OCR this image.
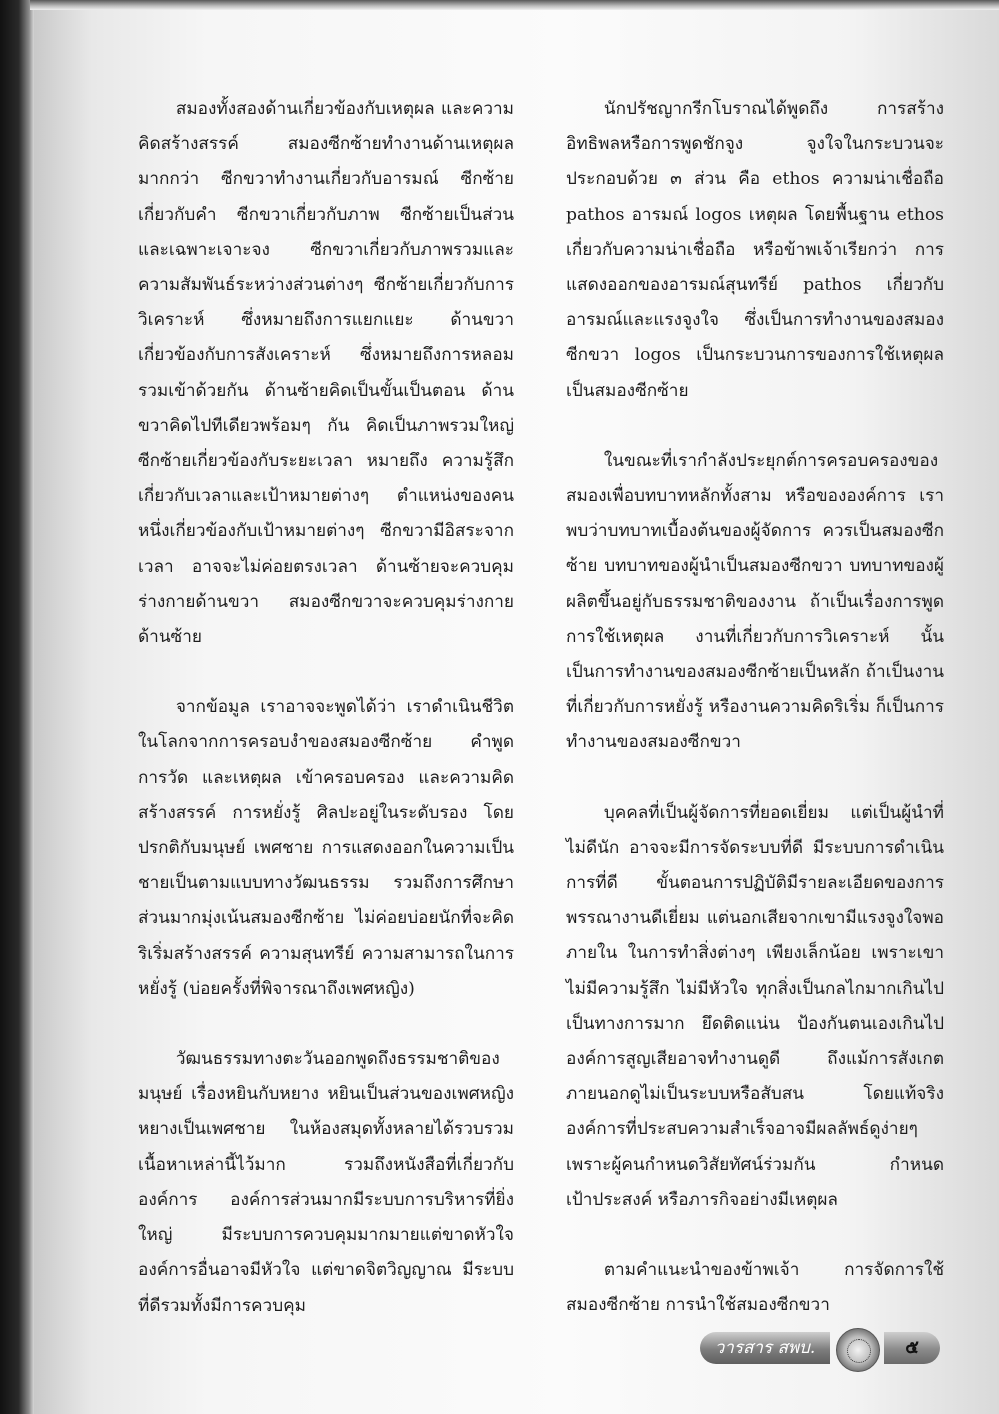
สมองทั้งสองด้านเกี่ยวข้องกับเหตุผล และความคิดสร้างสรรค์ สมองซีกซ้ายทำงานด้านเหตุผลมากกว่า ซีกขวาทำงานเกี่ยวกับอารมณ์ ซีกซ้ายเกี่ยวกับคำ ซีกขวาเกี่ยวกับภาพ ซีกซ้ายเป็นส่วนและเฉพาะเจาะจง ซีกขวาเกี่ยวกับภาพรวมและความสัมพันธ์ระหว่างส่วนต่างๆ ซีกซ้ายเกี่ยวกับการวิเคราะห์ ซึ่งหมายถึงการแยกแยะ ด้านขวาเกี่ยวข้องกับการสังเคราะห์ ซึ่งหมายถึงการหลอมรวมเข้าด้วยกัน ด้านซ้ายคิดเป็นขั้นเป็นตอน ด้านขวาคิดไปทีเดียวพร้อมๆ กัน คิดเป็นภาพรวมใหญ่ ซีกซ้ายเกี่ยวข้องกับระยะเวลา หมายถึง ความรู้สึกเกี่ยวกับเวลาและเป้าหมายต่างๆ ตำแหน่งของคนหนึ่งเกี่ยวข้องกับเป้าหมายต่างๆ ซีกขวามีอิสระจากเวลา อาจจะไม่ค่อยตรงเวลา ด้านซ้ายจะควบคุมร่างกายด้านขวา สมองซีกขวาจะควบคุมร่างกายด้านซ้าย

จากข้อมูล เราอาจจะพูดได้ว่า เราดำเนินชีวิตในโลกจากการครอบงำของสมองซีกซ้าย คำพูด การวัด และเหตุผล เข้าครอบครอง และความคิดสร้างสรรค์ การหยั่งรู้ ศิลปะอยู่ในระดับรอง โดยปรกติกับมนุษย์ เพศชาย การแสดงออกในความเป็นชายเป็นตามแบบทางวัฒนธรรม รวมถึงการศึกษาส่วนมากมุ่งเน้นสมองซีกซ้าย ไม่ค่อยบ่อยนักที่จะคิดริเริ่มสร้างสรรค์ ความสุนทรีย์ ความสามารถในการหยั่งรู้ (บ่อยครั้งที่พิจารณาถึงเพศหญิง)

วัฒนธรรมทางตะวันออกพูดถึงธรรมชาติของมนุษย์ เรื่องหยินกับหยาง หยินเป็นส่วนของเพศหญิง หยางเป็นเพศชาย ในห้องสมุดทั้งหลายได้รวบรวมเนื้อหาเหล่านี้ไว้มาก รวมถึงหนังสือที่เกี่ยวกับองค์การ องค์การส่วนมากมีระบบการบริหารที่ยิ่งใหญ่ มีระบบการควบคุมมากมายแต่ขาดหัวใจ องค์การอื่นอาจมีหัวใจ แต่ขาดจิตวิญญาณ มีระบบที่ดีรวมทั้งมีการควบคุม

นักปรัชญากรีกโบราณได้พูดถึง การสร้างอิทธิพลหรือการพูดชักจูง จูงใจในกระบวนจะประกอบด้วย ๓ ส่วน คือ ethos ความน่าเชื่อถือ pathos อารมณ์ logos เหตุผล โดยพื้นฐาน ethos เกี่ยวกับความน่าเชื่อถือ หรือข้าพเจ้าเรียกว่า การแสดงออกของอารมณ์สุนทรีย์ pathos เกี่ยวกับอารมณ์และแรงจูงใจ ซึ่งเป็นการทำงานของสมองซีกขวา logos เป็นกระบวนการของการใช้เหตุผล เป็นสมองซีกซ้าย

ในขณะที่เรากำลังประยุกต์การครอบครองของสมองเพื่อบทบาทหลักทั้งสาม หรือขององค์การ เราพบว่าบทบาทเบื้องต้นของผู้จัดการ ควรเป็นสมองซีกซ้าย บทบาทของผู้นำเป็นสมองซีกขวา บทบาทของผู้ผลิตขึ้นอยู่กับธรรมชาติของงาน ถ้าเป็นเรื่องการพูด การใช้เหตุผล งานที่เกี่ยวกับการวิเคราะห์ นั้นเป็นการทำงานของสมองซีกซ้ายเป็นหลัก ถ้าเป็นงานที่เกี่ยวกับการหยั่งรู้ หรืองานความคิดริเริ่ม ก็เป็นการทำงานของสมองซีกขวา

บุคคลที่เป็นผู้จัดการที่ยอดเยี่ยม แต่เป็นผู้นำที่ไม่ดีนัก อาจจะมีการจัดระบบที่ดี มีระบบการดำเนินการที่ดี ขั้นตอนการปฏิบัติมีรายละเอียดของการพรรณางานดีเยี่ยม แต่นอกเสียจากเขามีแรงจูงใจพอภายใน ในการทำสิ่งต่างๆ เพียงเล็กน้อย เพราะเขาไม่มีความรู้สึก ไม่มีหัวใจ ทุกสิ่งเป็นกลไกมากเกินไป เป็นทางการมาก ยึดติดแน่น ป้องกันตนเองเกินไป องค์การสูญเสียอาจทำงานดูดี ถึงแม้การสังเกตภายนอกดูไม่เป็นระบบหรือสับสน โดยแท้จริงองค์การที่ประสบความสำเร็จอาจมีผลลัพธ์ดูง่ายๆ เพราะผู้คนกำหนดวิสัยทัศน์ร่วมกัน กำหนดเป้าประสงค์ หรือภารกิจอย่างมีเหตุผล

ตามคำแนะนำของข้าพเจ้า การจัดการใช้สมองซีกซ้าย การนำใช้สมองซีกขวา

วารสาร สพบ.	๕
